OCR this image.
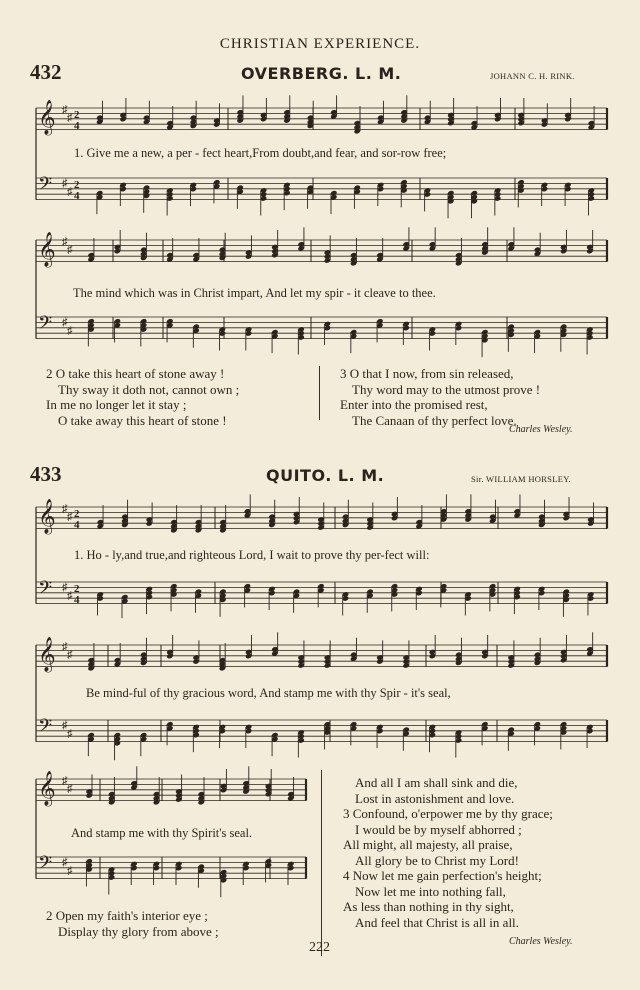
𝄞 ♯
♯ 2
4
𝄢 ♯
♯
2
4
𝄞 ♯
♯
𝄢 ♯
♯
𝄞 ♯
♯ 2
4
𝄢 ♯
♯
2
4
𝄞 ♯
♯
𝄢 ♯
♯
𝄞 ♯
♯
𝄢 ♯
♯
CHRISTIAN EXPERIENCE.
432	OVERBERG. L. M.	JOHANN C. H. RINK.
1. Give me a new, a per - fect heart,From doubt,and fear, and sor-row free;
The mind which was in Christ impart, And let my spir - it cleave to thee.
2 O take this heart of stone away !
Thy sway it doth not, cannot own ;
In me no longer let it stay ;
O take away this heart of stone !
3 O that I now, from sin released,
Thy word may to the utmost prove !
Enter into the promised rest,
The Canaan of thy perfect love.
Charles Wesley.
433	QUITO. L. M.	Sir. WILLIAM HORSLEY.
1. Ho - ly,and true,and righteous Lord, I wait to prove thy per-fect will:
Be mind-ful of thy gracious word, And stamp me with thy Spir - it's seal,
And stamp me with thy Spirit's seal.
2 Open my faith's interior eye ;
Display thy glory from above ;
And all I am shall sink and die,
Lost in astonishment and love.
3 Confound, o'erpower me by thy grace;
I would be by myself abhorred ;
All might, all majesty, all praise,
All glory be to Christ my Lord!
4 Now let me gain perfection's height;
Now let me into nothing fall,
As less than nothing in thy sight,
And feel that Christ is all in all.
Charles Wesley.
222
